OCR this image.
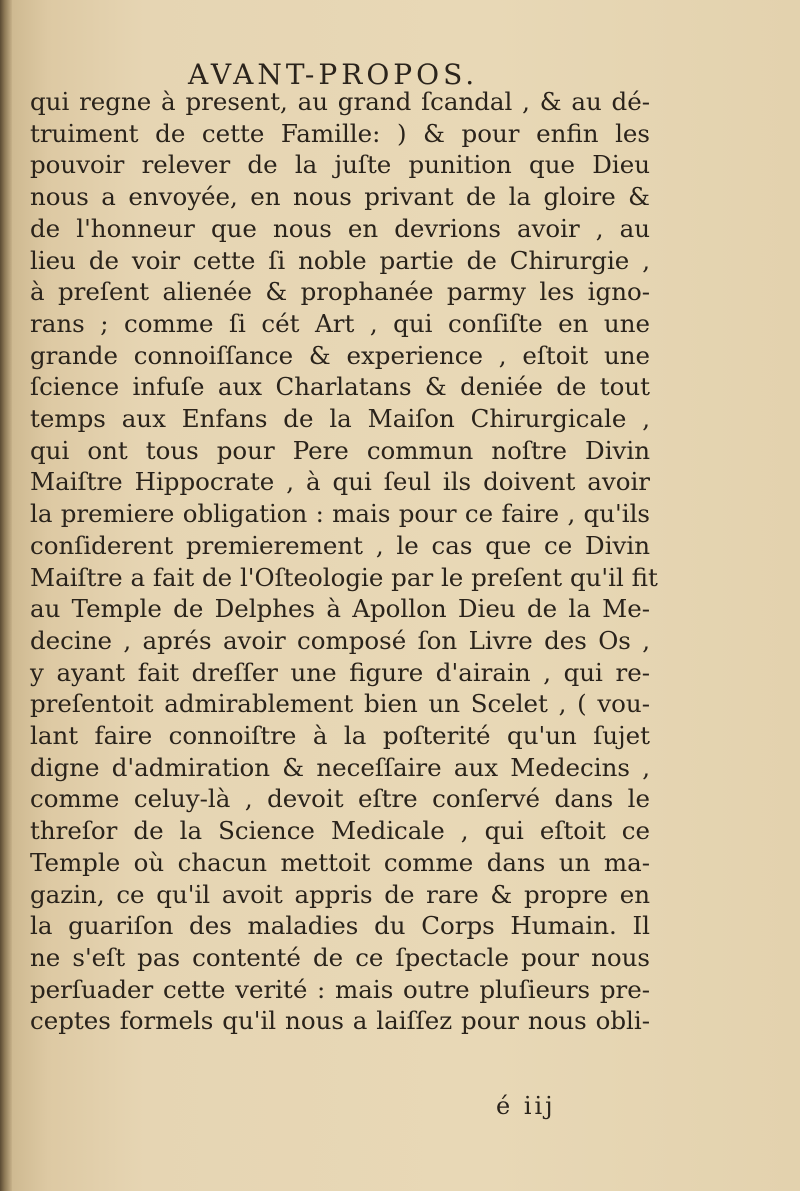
AVANT-PROPOS.
qui regne à present, au grand ſcandal , & au dé-
truiment de cette Famille: ) & pour enfin les
pouvoir relever de la juſte punition que Dieu
nous a envoyée, en nous privant de la gloire &
de l'honneur que nous en devrions avoir , au
lieu de voir cette ſi noble partie de Chirurgie ,
à preſent alienée & prophanée parmy les igno-
rans ; comme ſi cét Art , qui conſiſte en une
grande connoiſſance & experience , eſtoit une
ſcience infuſe aux Charlatans & deniée de tout
temps aux Enfans de la Maiſon Chirurgicale ,
qui ont tous pour Pere commun noſtre Divin
Maiſtre Hippocrate , à qui ſeul ils doivent avoir
la premiere obligation : mais pour ce faire , qu'ils
conſiderent premierement , le cas que ce Divin
Maiſtre a fait de l'Oſteologie par le preſent qu'il fit
au Temple de Delphes à Apollon Dieu de la Me-
decine , aprés avoir composé ſon Livre des Os ,
y ayant fait dreſſer une figure d'airain , qui re-
preſentoit admirablement bien un Scelet , ( vou-
lant faire connoiſtre à la poſterité qu'un ſujet
digne d'admiration & neceſſaire aux Medecins ,
comme celuy-là , devoit eſtre conſervé dans le
threſor de la Science Medicale , qui eſtoit ce
Temple où chacun mettoit comme dans un ma-
gazin, ce qu'il avoit appris de rare & propre en
la guariſon des maladies du Corps Humain. Il
ne s'eſt pas contenté de ce ſpectacle pour nous
perſuader cette verité : mais outre pluſieurs pre-
ceptes formels qu'il nous a laiſſez pour nous obli-
é iij
